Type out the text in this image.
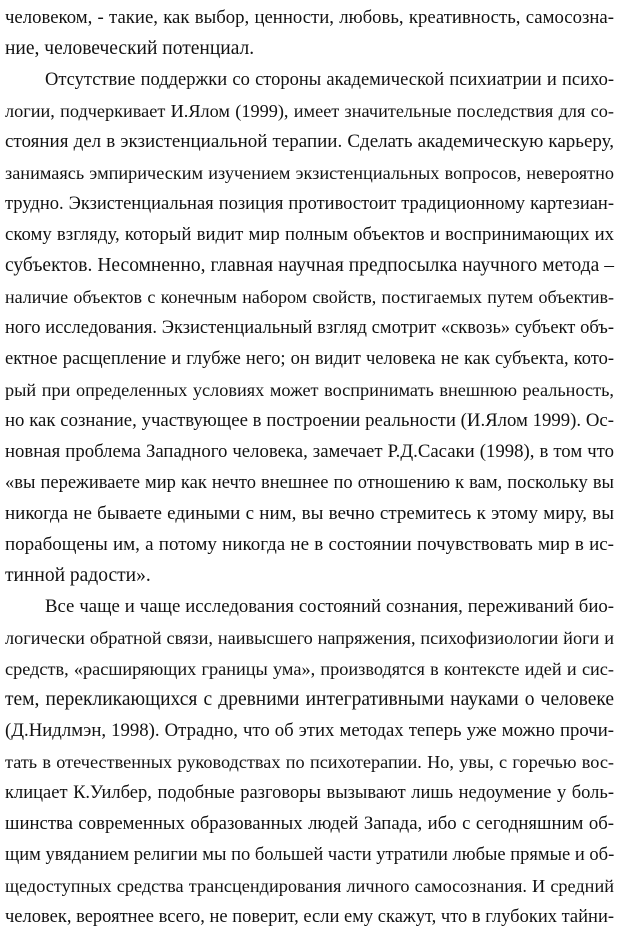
человеком, - такие, как выбор, ценности, любовь, креативность, самосозна-
ние, человеческий потенциал.
Отсутствие поддержки со стороны академической психиатрии и психо-
логии, подчеркивает И.Ялом (1999), имеет значительные последствия для со-
стояния дел в экзистенциальной терапии. Сделать академическую карьеру,
занимаясь эмпирическим изучением экзистенциальных вопросов, невероятно
трудно. Экзистенциальная позиция противостоит традиционному картезиан-
скому взгляду, который видит мир полным объектов и воспринимающих их
субъектов. Несомненно, главная научная предпосылка научного метода –
наличие объектов с конечным набором свойств, постигаемых путем объектив-
ного исследования. Экзистенциальный взгляд смотрит «сквозь» субъект объ-
ектное расщепление и глубже него; он видит человека не как субъекта, кото-
рый при определенных условиях может воспринимать внешнюю реальность,
но как сознание, участвующее в построении реальности (И.Ялом 1999). Ос-
новная проблема Западного человека, замечает Р.Д.Сасаки (1998), в том что
«вы переживаете мир как нечто внешнее по отношению к вам, поскольку вы
никогда не бываете едиными с ним, вы вечно стремитесь к этому миру, вы
порабощены им, а потому никогда не в состоянии почувствовать мир в ис-
тинной радости».
Все чаще и чаще исследования состояний сознания, переживаний био-
логически обратной связи, наивысшего напряжения, психофизиологии йоги и
средств, «расширяющих границы ума», производятся в контексте идей и сис-
тем, перекликающихся с древними интегративными науками о человеке
(Д.Нидлмэн, 1998). Отрадно, что об этих методах теперь уже можно прочи-
тать в отечественных руководствах по психотерапии. Но, увы, с горечью вос-
клицает К.Уилбер, подобные разговоры вызывают лишь недоумение у боль-
шинства современных образованных людей Запада, ибо с сегодняшним об-
щим увяданием религии мы по большей части утратили любые прямые и об-
щедоступных средства трансцендирования личного самосознания. И средний
человек, вероятнее всего, не поверит, если ему скажут, что в глубоких тайни-
